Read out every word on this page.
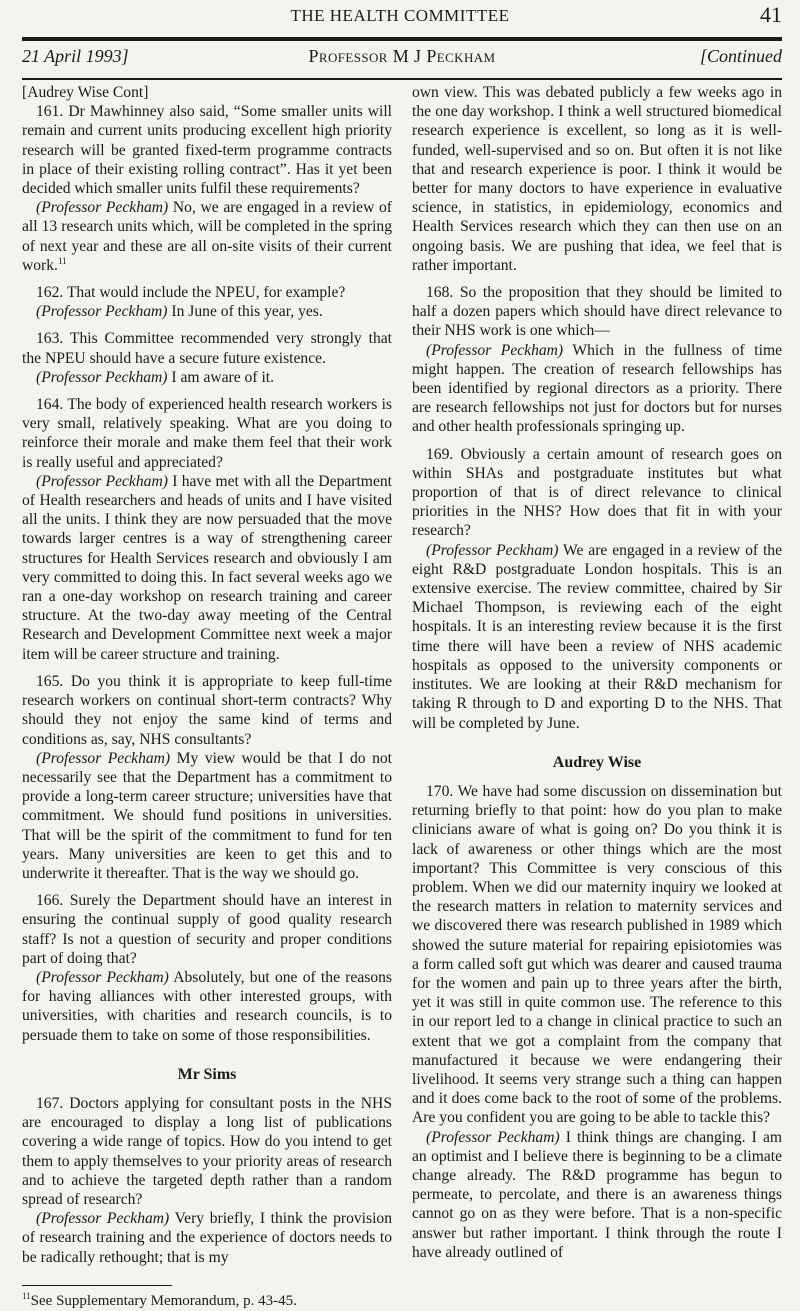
THE HEALTH COMMITTEE	41
21 April 1993]	Professor M J Peckham	[Continued

[Audrey Wise Cont]

161. Dr Mawhinney also said, “Some smaller units will remain and current units producing excellent high priority research will be granted fixed-term programme contracts in place of their existing rolling contract”. Has it yet been decided which smaller units fulfil these requirements?

(Professor Peckham) No, we are engaged in a review of all 13 research units which, will be completed in the spring of next year and these are all on-site visits of their current work.$^{11}$

162. That would include the NPEU, for example?

(Professor Peckham) In June of this year, yes.

163. This Committee recommended very strongly that the NPEU should have a secure future existence.

(Professor Peckham) I am aware of it.

164. The body of experienced health research workers is very small, relatively speaking. What are you doing to reinforce their morale and make them feel that their work is really useful and appreciated?

(Professor Peckham) I have met with all the Department of Health researchers and heads of units and I have visited all the units. I think they are now persuaded that the move towards larger centres is a way of strengthening career structures for Health Services research and obviously I am very committed to doing this. In fact several weeks ago we ran a one-day workshop on research training and career structure. At the two-day away meeting of the Central Research and Development Committee next week a major item will be career structure and training.

165. Do you think it is appropriate to keep full-time research workers on continual short-term contracts? Why should they not enjoy the same kind of terms and conditions as, say, NHS consultants?

(Professor Peckham) My view would be that I do not necessarily see that the Department has a commitment to provide a long-term career structure; universities have that commitment. We should fund positions in universities. That will be the spirit of the commitment to fund for ten years. Many universities are keen to get this and to underwrite it thereafter. That is the way we should go.

166. Surely the Department should have an interest in ensuring the continual supply of good quality research staff? Is not a question of security and proper conditions part of doing that?

(Professor Peckham) Absolutely, but one of the reasons for having alliances with other interested groups, with universities, with charities and research councils, is to persuade them to take on some of those responsibilities.

Mr Sims

167. Doctors applying for consultant posts in the NHS are encouraged to display a long list of publications covering a wide range of topics. How do you intend to get them to apply themselves to your priority areas of research and to achieve the targeted depth rather than a random spread of research?

(Professor Peckham) Very briefly, I think the provision of research training and the experience of doctors needs to be radically rethought; that is my

$^{11}$See Supplementary Memorandum, p. 43-45.

own view. This was debated publicly a few weeks ago in the one day workshop. I think a well structured biomedical research experience is excellent, so long as it is well-funded, well-supervised and so on. But often it is not like that and research experience is poor. I think it would be better for many doctors to have experience in evaluative science, in statistics, in epidemiology, economics and Health Services research which they can then use on an ongoing basis. We are pushing that idea, we feel that is rather important.

168. So the proposition that they should be limited to half a dozen papers which should have direct relevance to their NHS work is one which—

(Professor Peckham) Which in the fullness of time might happen. The creation of research fellowships has been identified by regional directors as a priority. There are research fellowships not just for doctors but for nurses and other health professionals springing up.

169. Obviously a certain amount of research goes on within SHAs and postgraduate institutes but what proportion of that is of direct relevance to clinical priorities in the NHS? How does that fit in with your research?

(Professor Peckham) We are engaged in a review of the eight R&D postgraduate London hospitals. This is an extensive exercise. The review committee, chaired by Sir Michael Thompson, is reviewing each of the eight hospitals. It is an interesting review because it is the first time there will have been a review of NHS academic hospitals as opposed to the university components or institutes. We are looking at their R&D mechanism for taking R through to D and exporting D to the NHS. That will be completed by June.

Audrey Wise

170. We have had some discussion on dissemination but returning briefly to that point: how do you plan to make clinicians aware of what is going on? Do you think it is lack of awareness or other things which are the most important? This Committee is very conscious of this problem. When we did our maternity inquiry we looked at the research matters in relation to maternity services and we discovered there was research published in 1989 which showed the suture material for repairing episiotomies was a form called soft gut which was dearer and caused trauma for the women and pain up to three years after the birth, yet it was still in quite common use. The reference to this in our report led to a change in clinical practice to such an extent that we got a complaint from the company that manufactured it because we were endangering their livelihood. It seems very strange such a thing can happen and it does come back to the root of some of the problems. Are you confident you are going to be able to tackle this?

(Professor Peckham) I think things are changing. I am an optimist and I believe there is beginning to be a climate change already. The R&D programme has begun to permeate, to percolate, and there is an awareness things cannot go on as they were before. That is a non-specific answer but rather important. I think through the route I have already outlined of
